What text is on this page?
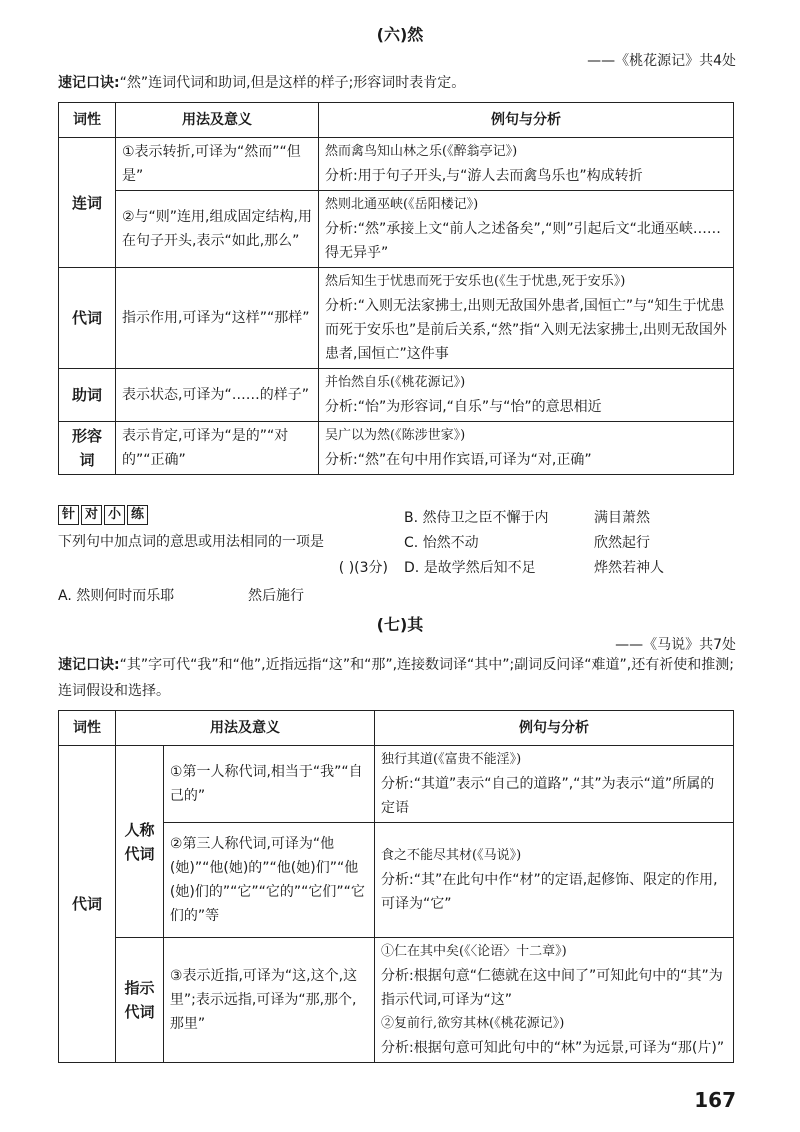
(六)然
——《桃花源记》共4处
速记口诀:“然”连词代词和助词,但是这样的样子;形容词时表肯定。
词性	用法及意义	例句与分析
连词	①表示转折,可译为“然而”“但是”	然而禽鸟知山林之乐(《醉翁亭记》)
分析:用于句子开头,与“游人去而禽鸟乐也”构成转折

	②与“则”连用,组成固定结构,用在句子开头,表示“如此,那么”	然则北通巫峡(《岳阳楼记》)
分析:“然”承接上文“前人之述备矣”,“则”引起后文“北通巫峡……得无异乎”

代词	指示作用,可译为“这样”“那样”	然后知生于忧患而死于安乐也(《生于忧患,死于安乐》)
分析:“入则无法家拂士,出则无敌国外患者,国恒亡”与“知生于忧患而死于安乐也”是前后关系,“然”指“入则无法家拂士,出则无敌国外患者,国恒亡”这件事

助词	表示状态,可译为“……的样子”	并怡然自乐(《桃花源记》)
分析:“怡”为形容词,“自乐”与“怡”的意思相近

形容词	表示肯定,可译为“是的”“对的”“正确”	吴广以为然(《陈涉世家》)
分析:“然”在句中用作宾语,可译为“对,正确”
针 对 小 练
下列句中加点词的意思或用法相同的一项是
( )(3分)
A. 然则何时而乐耶	然后施行
B. 然侍卫之臣不懈于内	满目萧然
C. 怡然不动	欣然起行
D. 是故学然后知不足	烨然若神人
(七)其
——《马说》共7处
速记口诀:“其”字可代“我”和“他”,近指远指“这”和“那”,连接数词译“其中”;副词反问译“难道”,还有祈使和推测;连词假设和选择。
词性	用法及意义		例句与分析
代词	人称代词	①第一人称代词,相当于“我”“自己的”	独行其道(《富贵不能淫》)
分析:“其道”表示“自己的道路”,“其”为表示“道”所属的定语

		②第三人称代词,可译为“他(她)”“他(她)的”“他(她)们”“他(她)们的”“它”“它的”“它们”“它们的”等	食之不能尽其材(《马说》)
分析:“其”在此句中作“材”的定语,起修饰、限定的作用,可译为“它”

	指示代词	③表示近指,可译为“这,这个,这里”;表示远指,可译为“那,那个,那里”	①仁在其中矣(《〈论语〉十二章》)
分析:根据句意“仁德就在这中间了”可知此句中的“其”为指示代词,可译为“这”
②复前行,欲穷其林(《桃花源记》)
分析:根据句意可知此句中的“林”为远景,可译为“那(片)”
167
